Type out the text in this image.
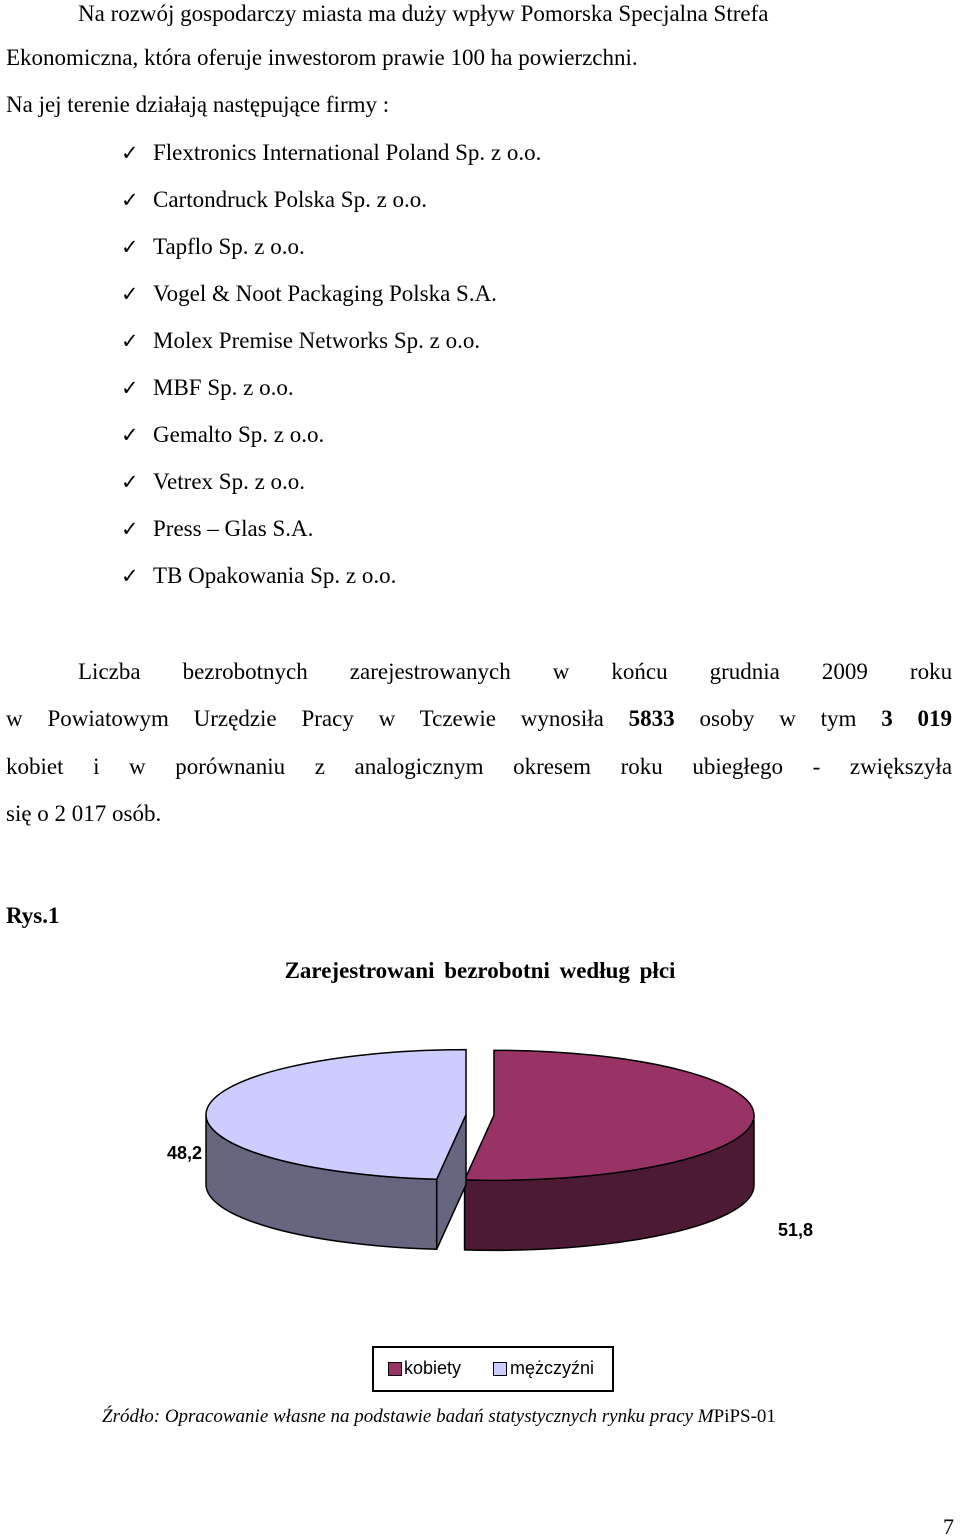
Na rozwój gospodarczy miasta ma duży wpływ Pomorska Specjalna Strefa
Ekonomiczna, która oferuje inwestorom prawie 100 ha powierzchni.
Na jej terenie działają następujące firmy :
✓ Flextronics International Poland Sp. z o.o.
✓ Cartondruck Polska Sp. z o.o.
✓ Tapflo Sp. z o.o.
✓ Vogel & Noot Packaging Polska S.A.
✓ Molex Premise Networks Sp. z o.o.
✓ MBF Sp. z o.o.
✓ Gemalto Sp. z o.o.
✓ Vetrex Sp. z o.o.
✓ Press – Glas S.A.
✓ TB Opakowania Sp. z o.o.
Liczba bezrobotnych zarejestrowanych w końcu grudnia 2009 roku
w Powiatowym Urzędzie Pracy w Tczewie wynosiła 5833 osoby w tym 3 019
kobiet i w porównaniu z analogicznym okresem roku ubiegłego - zwiększyła
się o 2 017 osób.
Rys.1
Zarejestrowani bezrobotni według płci
51,8
48,2
kobiety	mężczyźni
Źródło: Opracowanie własne na podstawie badań statystycznych rynku pracy MPiPS-01
7
